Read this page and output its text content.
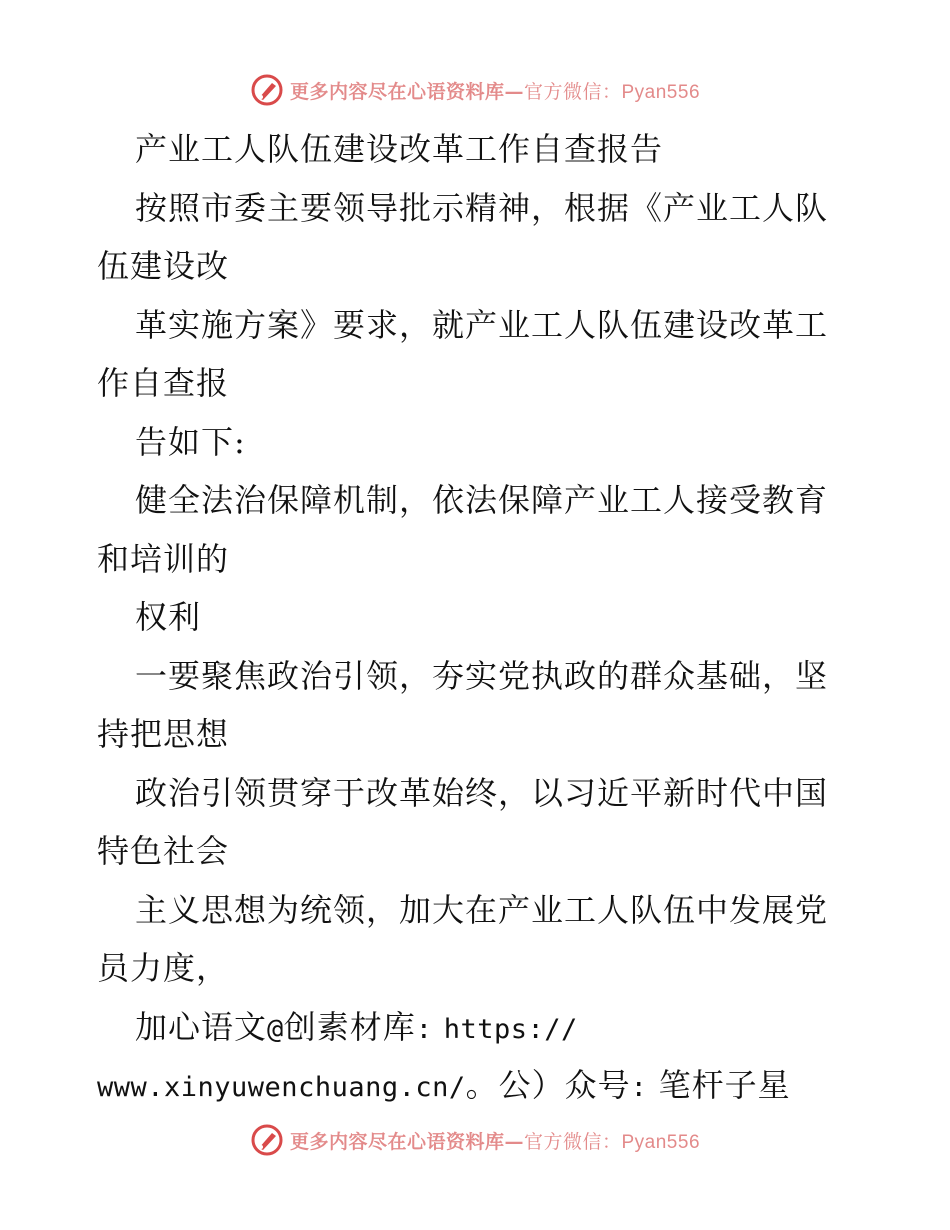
更多内容尽在心语资料库—官方微信：Pyan556
产业工人队伍建设改革工作自查报告
按照市委主要领导批示精神，根据《产业工人队
伍建设改
革实施方案》要求，就产业工人队伍建设改革工
作自查报
告如下:
健全法治保障机制，依法保障产业工人接受教育
和培训的
权利
一要聚焦政治引领，夯实党执政的群众基础，坚
持把思想
政治引领贯穿于改革始终，以习近平新时代中国
特色社会
主义思想为统领，加大在产业工人队伍中发展党
员力度，
加心语文@创素材库: https://
www.xinyuwenchuang.cn/。公）众号: 笔杆子星
更多内容尽在心语资料库—官方微信：Pyan556
